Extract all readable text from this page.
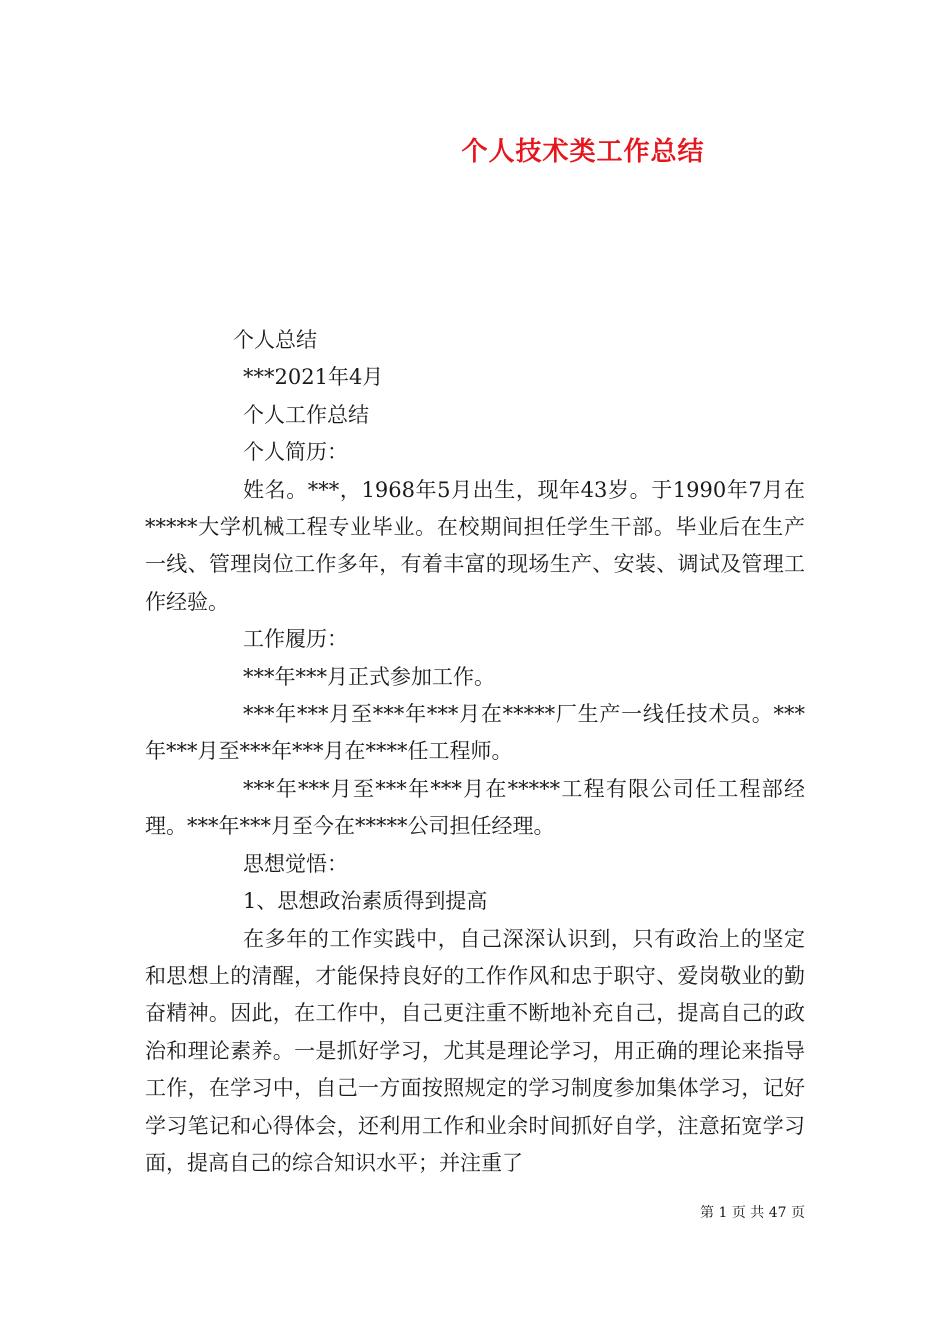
个人技术类工作总结

个人总结

***2021年4月

个人工作总结

个人简历：

姓名。***，1968年5月出生，现年43岁。于1990年7月在*****大学机械工程专业毕业。在校期间担任学生干部。毕业后在生产一线、管理岗位工作多年，有着丰富的现场生产、安装、调试及管理工作经验。

工作履历：

***年***月正式参加工作。

***年***月至***年***月在*****厂生产一线任技术员。***年***月至***年***月在****任工程师。

***年***月至***年***月在*****工程有限公司任工程部经理。***年***月至今在*****公司担任经理。

思想觉悟：

1、思想政治素质得到提高

在多年的工作实践中，自己深深认识到，只有政治上的坚定和思想上的清醒，才能保持良好的工作作风和忠于职守、爱岗敬业的勤奋精神。因此，在工作中，自己更注重不断地补充自己，提高自己的政治和理论素养。一是抓好学习，尤其是理论学习，用正确的理论来指导工作，在学习中，自己一方面按照规定的学习制度参加集体学习，记好学习笔记和心得体会，还利用工作和业余时间抓好自学，注意拓宽学习面，提高自己的综合知识水平；并注重了

第 1 页 共 47 页
